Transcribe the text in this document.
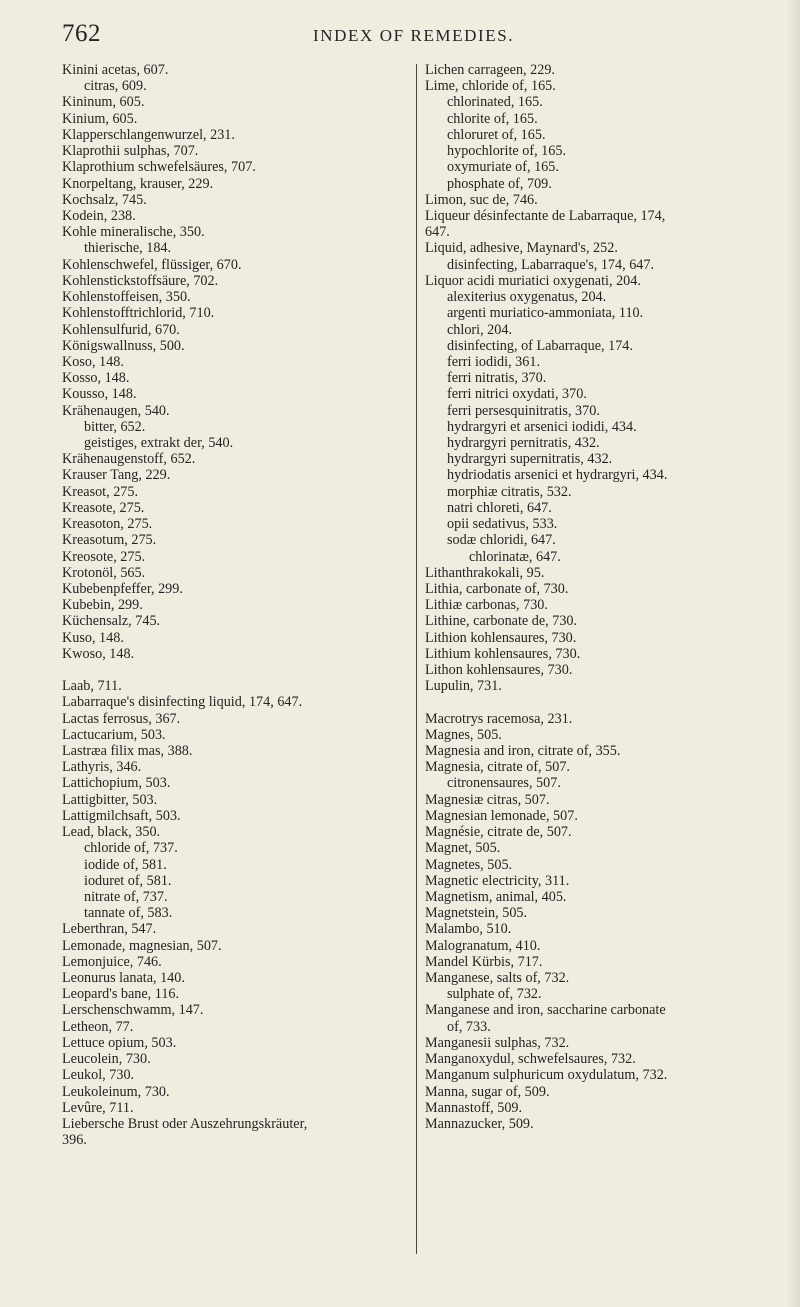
762	INDEX OF REMEDIES.
Kinini acetas, 607.
citras, 609.
Kininum, 605.
Kinium, 605.
Klapperschlangenwurzel, 231.
Klaprothii sulphas, 707.
Klaprothium schwefelsäures, 707.
Knorpeltang, krauser, 229.
Kochsalz, 745.
Kodein, 238.
Kohle mineralische, 350.
thierische, 184.
Kohlenschwefel, flüssiger, 670.
Kohlenstickstoffsäure, 702.
Kohlenstoffeisen, 350.
Kohlenstofftrichlorid, 710.
Kohlensulfurid, 670.
Königswallnuss, 500.
Koso, 148.
Kosso, 148.
Kousso, 148.
Krähenaugen, 540.
bitter, 652.
geistiges, extrakt der, 540.
Krähenaugenstoff, 652.
Krauser Tang, 229.
Kreasot, 275.
Kreasote, 275.
Kreasoton, 275.
Kreasotum, 275.
Kreosote, 275.
Krotonöl, 565.
Kubebenpfeffer, 299.
Kubebin, 299.
Küchensalz, 745.
Kuso, 148.
Kwoso, 148.
Laab, 711.
Labarraque's disinfecting liquid, 174, 647.
Lactas ferrosus, 367.
Lactucarium, 503.
Lastræa filix mas, 388.
Lathyris, 346.
Lattichopium, 503.
Lattigbitter, 503.
Lattigmilchsaft, 503.
Lead, black, 350.
chloride of, 737.
iodide of, 581.
ioduret of, 581.
nitrate of, 737.
tannate of, 583.
Leberthran, 547.
Lemonade, magnesian, 507.
Lemonjuice, 746.
Leonurus lanata, 140.
Leopard's bane, 116.
Lerschenschwamm, 147.
Letheon, 77.
Lettuce opium, 503.
Leucolein, 730.
Leukol, 730.
Leukoleinum, 730.
Levûre, 711.
Liebersche Brust oder Auszehrungskräuter,
396.
Lichen carrageen, 229.
Lime, chloride of, 165.
chlorinated, 165.
chlorite of, 165.
chloruret of, 165.
hypochlorite of, 165.
oxymuriate of, 165.
phosphate of, 709.
Limon, suc de, 746.
Liqueur désinfectante de Labarraque, 174,
647.
Liquid, adhesive, Maynard's, 252.
disinfecting, Labarraque's, 174, 647.
Liquor acidi muriatici oxygenati, 204.
alexiterius oxygenatus, 204.
argenti muriatico-ammoniata, 110.
chlori, 204.
disinfecting, of Labarraque, 174.
ferri iodidi, 361.
ferri nitratis, 370.
ferri nitrici oxydati, 370.
ferri persesquinitratis, 370.
hydrargyri et arsenici iodidi, 434.
hydrargyri pernitratis, 432.
hydrargyri supernitratis, 432.
hydriodatis arsenici et hydrargyri, 434.
morphiæ citratis, 532.
natri chloreti, 647.
opii sedativus, 533.
sodæ chloridi, 647.
chlorinatæ, 647.
Lithanthrakokali, 95.
Lithia, carbonate of, 730.
Lithiæ carbonas, 730.
Lithine, carbonate de, 730.
Lithion kohlensaures, 730.
Lithium kohlensaures, 730.
Lithon kohlensaures, 730.
Lupulin, 731.
Macrotrys racemosa, 231.
Magnes, 505.
Magnesia and iron, citrate of, 355.
Magnesia, citrate of, 507.
citronensaures, 507.
Magnesiæ citras, 507.
Magnesian lemonade, 507.
Magnésie, citrate de, 507.
Magnet, 505.
Magnetes, 505.
Magnetic electricity, 311.
Magnetism, animal, 405.
Magnetstein, 505.
Malambo, 510.
Malogranatum, 410.
Mandel Kürbis, 717.
Manganese, salts of, 732.
sulphate of, 732.
Manganese and iron, saccharine carbonate
of, 733.
Manganesii sulphas, 732.
Manganoxydul, schwefelsaures, 732.
Manganum sulphuricum oxydulatum, 732.
Manna, sugar of, 509.
Mannastoff, 509.
Mannazucker, 509.
